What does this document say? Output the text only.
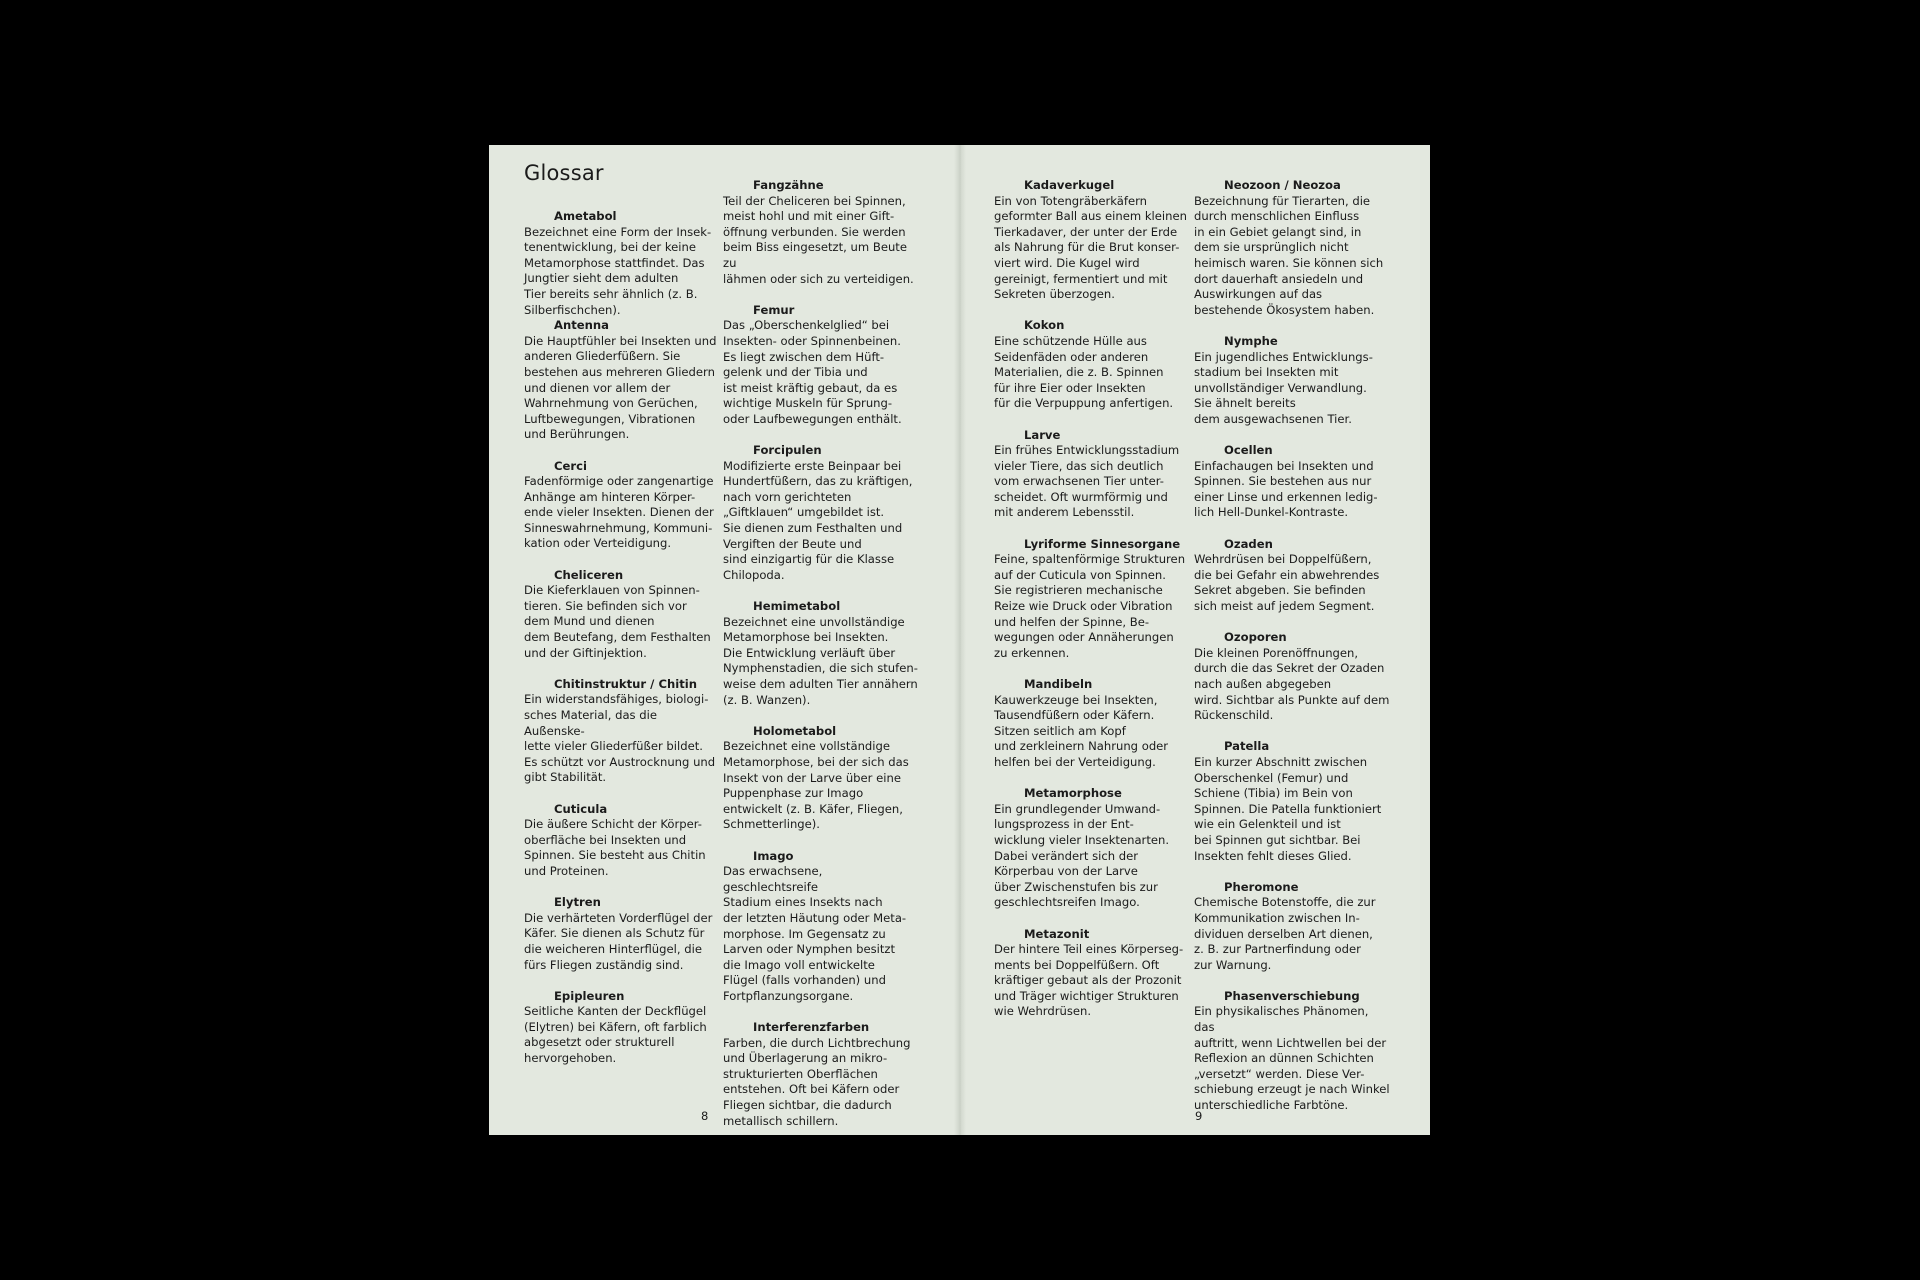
Glossar
Ametabol
Bezeichnet eine Form der Insek-
tenentwicklung, bei der keine
Metamorphose stattfindet. Das
Jungtier sieht dem adulten
Tier bereits sehr ähnlich (z. B.
Silberfischchen).
Antenna
Die Hauptfühler bei Insekten und
anderen Gliederfüßern. Sie
bestehen aus mehreren Gliedern
und dienen vor allem der
Wahrnehmung von Gerüchen,
Luftbewegungen, Vibrationen
und Berührungen.
Cerci
Fadenförmige oder zangenartige
Anhänge am hinteren Körper-
ende vieler Insekten. Dienen der
Sinneswahrnehmung, Kommuni-
kation oder Verteidigung.
Cheliceren
Die Kieferklauen von Spinnen-
tieren. Sie befinden sich vor
dem Mund und dienen
dem Beutefang, dem Festhalten
und der Giftinjektion.
Chitinstruktur / Chitin
Ein widerstandsfähiges, biologi-
sches Material, das die Außenske-
lette vieler Gliederfüßer bildet.
Es schützt vor Austrocknung und
gibt Stabilität.
Cuticula
Die äußere Schicht der Körper-
oberfläche bei Insekten und
Spinnen. Sie besteht aus Chitin
und Proteinen.
Elytren
Die verhärteten Vorderflügel der
Käfer. Sie dienen als Schutz für
die weicheren Hinterflügel, die
fürs Fliegen zuständig sind.
Epipleuren
Seitliche Kanten der Deckflügel
(Elytren) bei Käfern, oft farblich
abgesetzt oder strukturell
hervorgehoben.
Fangzähne
Teil der Cheliceren bei Spinnen,
meist hohl und mit einer Gift-
öffnung verbunden. Sie werden
beim Biss eingesetzt, um Beute zu
lähmen oder sich zu verteidigen.
Femur
Das „Oberschenkelglied“ bei
Insekten- oder Spinnenbeinen.
Es liegt zwischen dem Hüft-
gelenk und der Tibia und
ist meist kräftig gebaut, da es
wichtige Muskeln für Sprung-
oder Laufbewegungen enthält.
Forcipulen
Modifizierte erste Beinpaar bei
Hundertfüßern, das zu kräftigen,
nach vorn gerichteten
„Giftklauen“ umgebildet ist.
Sie dienen zum Festhalten und
Vergiften der Beute und
sind einzigartig für die Klasse
Chilopoda.
Hemimetabol
Bezeichnet eine unvollständige
Metamorphose bei Insekten.
Die Entwicklung verläuft über
Nymphenstadien, die sich stufen-
weise dem adulten Tier annähern
(z. B. Wanzen).
Holometabol
Bezeichnet eine vollständige
Metamorphose, bei der sich das
Insekt von der Larve über eine
Puppenphase zur Imago
entwickelt (z. B. Käfer, Fliegen,
Schmetterlinge).
Imago
Das erwachsene, geschlechtsreife
Stadium eines Insekts nach
der letzten Häutung oder Meta-
morphose. Im Gegensatz zu
Larven oder Nymphen besitzt
die Imago voll entwickelte
Flügel (falls vorhanden) und
Fortpflanzungsorgane.
Interferenzfarben
Farben, die durch Lichtbrechung
und Überlagerung an mikro-
strukturierten Oberflächen
entstehen. Oft bei Käfern oder
Fliegen sichtbar, die dadurch
metallisch schillern.
8
Kadaverkugel
Ein von Totengräberkäfern
geformter Ball aus einem kleinen
Tierkadaver, der unter der Erde
als Nahrung für die Brut konser-
viert wird. Die Kugel wird
gereinigt, fermentiert und mit
Sekreten überzogen.
Kokon
Eine schützende Hülle aus
Seidenfäden oder anderen
Materialien, die z. B. Spinnen
für ihre Eier oder Insekten
für die Verpuppung anfertigen.
Larve
Ein frühes Entwicklungsstadium
vieler Tiere, das sich deutlich
vom erwachsenen Tier unter-
scheidet. Oft wurmförmig und
mit anderem Lebensstil.
Lyriforme Sinnesorgane
Feine, spaltenförmige Strukturen
auf der Cuticula von Spinnen.
Sie registrieren mechanische
Reize wie Druck oder Vibration
und helfen der Spinne, Be-
wegungen oder Annäherungen
zu erkennen.
Mandibeln
Kauwerkzeuge bei Insekten,
Tausendfüßern oder Käfern.
Sitzen seitlich am Kopf
und zerkleinern Nahrung oder
helfen bei der Verteidigung.
Metamorphose
Ein grundlegender Umwand-
lungsprozess in der Ent-
wicklung vieler Insektenarten.
Dabei verändert sich der
Körperbau von der Larve
über Zwischenstufen bis zur
geschlechtsreifen Imago.
Metazonit
Der hintere Teil eines Körperseg-
ments bei Doppelfüßern. Oft
kräftiger gebaut als der Prozonit
und Träger wichtiger Strukturen
wie Wehrdrüsen.
Neozoon / Neozoa
Bezeichnung für Tierarten, die
durch menschlichen Einfluss
in ein Gebiet gelangt sind, in
dem sie ursprünglich nicht
heimisch waren. Sie können sich
dort dauerhaft ansiedeln und
Auswirkungen auf das
bestehende Ökosystem haben.
Nymphe
Ein jugendliches Entwicklungs-
stadium bei Insekten mit
unvollständiger Verwandlung.
Sie ähnelt bereits
dem ausgewachsenen Tier.
Ocellen
Einfachaugen bei Insekten und
Spinnen. Sie bestehen aus nur
einer Linse und erkennen ledig-
lich Hell-Dunkel-Kontraste.
Ozaden
Wehrdrüsen bei Doppelfüßern,
die bei Gefahr ein abwehrendes
Sekret abgeben. Sie befinden
sich meist auf jedem Segment.
Ozoporen
Die kleinen Porenöffnungen,
durch die das Sekret der Ozaden
nach außen abgegeben
wird. Sichtbar als Punkte auf dem
Rückenschild.
Patella
Ein kurzer Abschnitt zwischen
Oberschenkel (Femur) und
Schiene (Tibia) im Bein von
Spinnen. Die Patella funktioniert
wie ein Gelenkteil und ist
bei Spinnen gut sichtbar. Bei
Insekten fehlt dieses Glied.
Pheromone
Chemische Botenstoffe, die zur
Kommunikation zwischen In-
dividuen derselben Art dienen,
z. B. zur Partnerfindung oder
zur Warnung.
Phasenverschiebung
Ein physikalisches Phänomen, das
auftritt, wenn Lichtwellen bei der
Reflexion an dünnen Schichten
„versetzt“ werden. Diese Ver-
schiebung erzeugt je nach Winkel
unterschiedliche Farbtöne.
9
